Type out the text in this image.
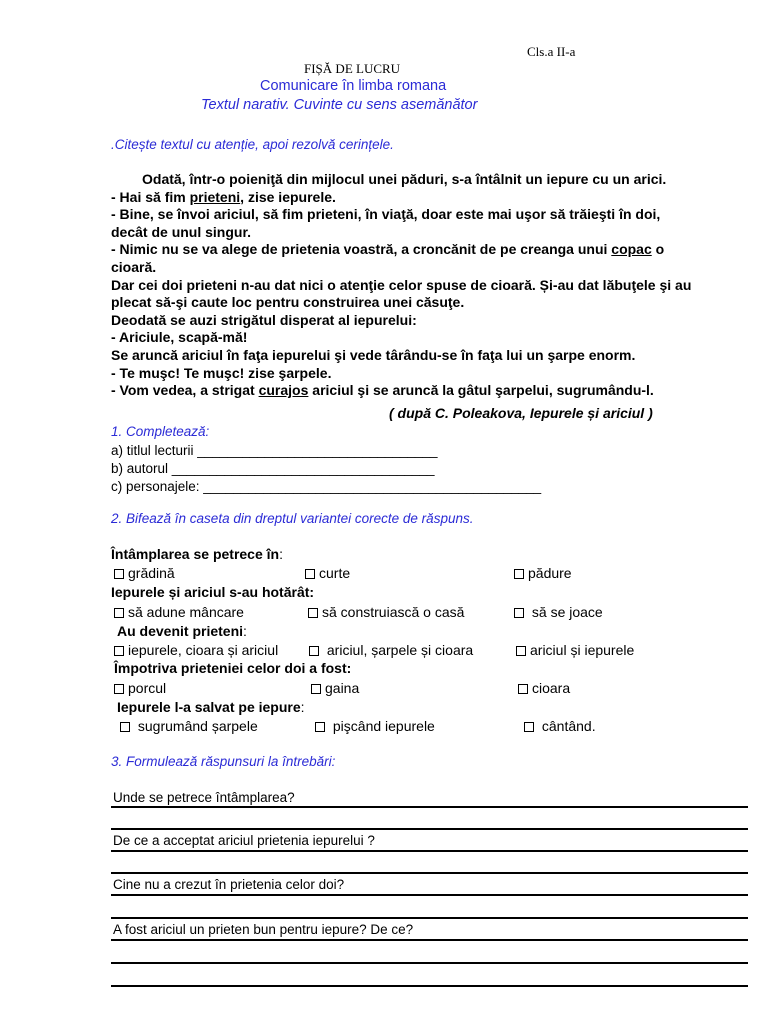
Cls.a II-a
FIȘĂ DE LUCRU
Comunicare în limba romana
Textul narativ. Cuvinte cu sens asemănător
.Citește textul cu atenție, apoi rezolvă cerințele.
Odată, într-o poieniţă din mijlocul unei păduri, s-a întâlnit un iepure cu un arici.
- Hai să fim prieteni, zise iepurele.
- Bine, se învoi ariciul, să fim prieteni, în viaţă, doar este mai uşor să trăieşti în doi,
decât de unul singur.
- Nimic nu se va alege de prietenia voastră, a croncănit de pe creanga unui copac o
cioară.
Dar cei doi prieteni n-au dat nici o atenţie celor spuse de cioară. Și-au dat lăbuţele şi au
plecat să-şi caute loc pentru construirea unei căsuţe.
Deodată se auzi strigătul disperat al iepurelui:
- Ariciule, scapă-mă!
Se aruncă ariciul în faţa iepurelui şi vede târându-se în faţa lui un şarpe enorm.
- Te muşc! Te muşc! zise şarpele.
- Vom vedea, a strigat curajos ariciul şi se aruncă la gâtul şarpelui, sugrumându-l.
( după C. Poleakova, Iepurele și ariciul )
1. Completează:
a) titlul lecturii ________________________________
b) autorul ___________________________________
c) personajele: _____________________________________________
2. Bifează în caseta din dreptul variantei corecte de răspuns.
Întâmplarea se petrece în:
grădină	curte	pădure
Iepurele și ariciul s-au hotărât:
să adune mâncare	să construiască o casă	să se joace
Au devenit prieteni:
iepurele, cioara și ariciul	ariciul, șarpele și cioara	ariciul și iepurele
Împotriva prieteniei celor doi a fost:
porcul	gaina	cioara
Iepurele l-a salvat pe iepure:
sugrumând șarpele	pişcând iepurele	cântând.
3. Formulează răspunsuri la întrebări:
Unde se petrece întâmplarea?
De ce a acceptat ariciul prietenia iepurelui ?
Cine nu a crezut în prietenia celor doi?
A fost ariciul un prieten bun pentru iepure? De ce?
